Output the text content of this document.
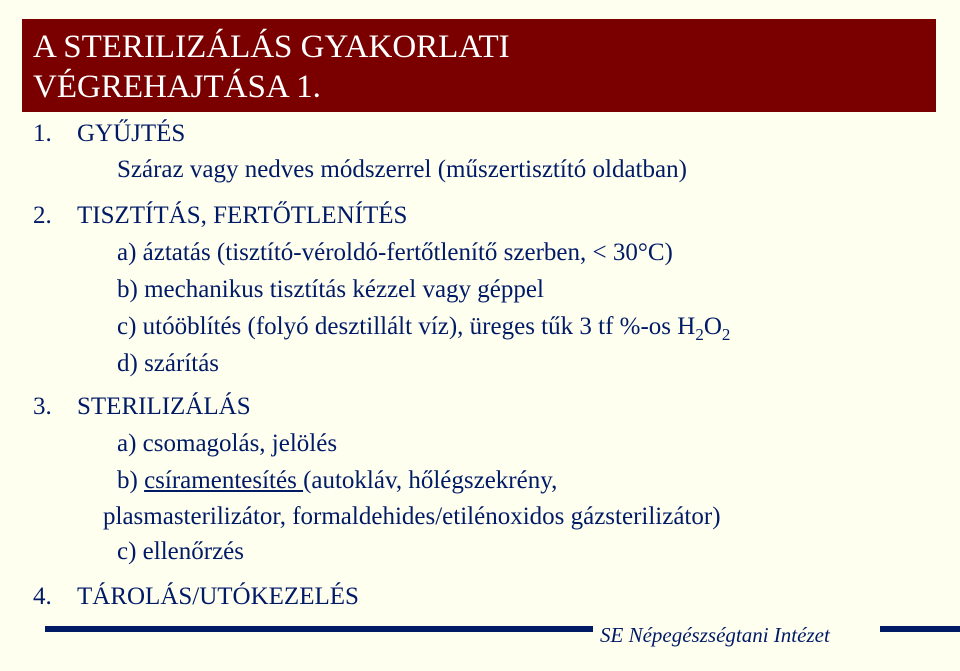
A STERILIZÁLÁS GYAKORLATI
VÉGREHAJTÁSA 1.
1. GYŰJTÉS
Száraz vagy nedves módszerrel (műszertisztító oldatban)
2. TISZTÍTÁS, FERTŐTLENÍTÉS
a) áztatás (tisztító-véroldó-fertőtlenítő szerben, < 30°C)
b) mechanikus tisztítás kézzel vagy géppel
c) utóöblítés (folyó desztillált víz), üreges tűk 3 tf %-os $H_2O_2$
d) szárítás
3. STERILIZÁLÁS
a) csomagolás, jelölés
b) csíramentesítés (autokláv, hőlégszekrény,
plasmasterilizátor, formaldehides/etilénoxidos gázsterilizátor)
c) ellenőrzés
4. TÁROLÁS/UTÓKEZELÉS
SE Népegészségtani Intézet
